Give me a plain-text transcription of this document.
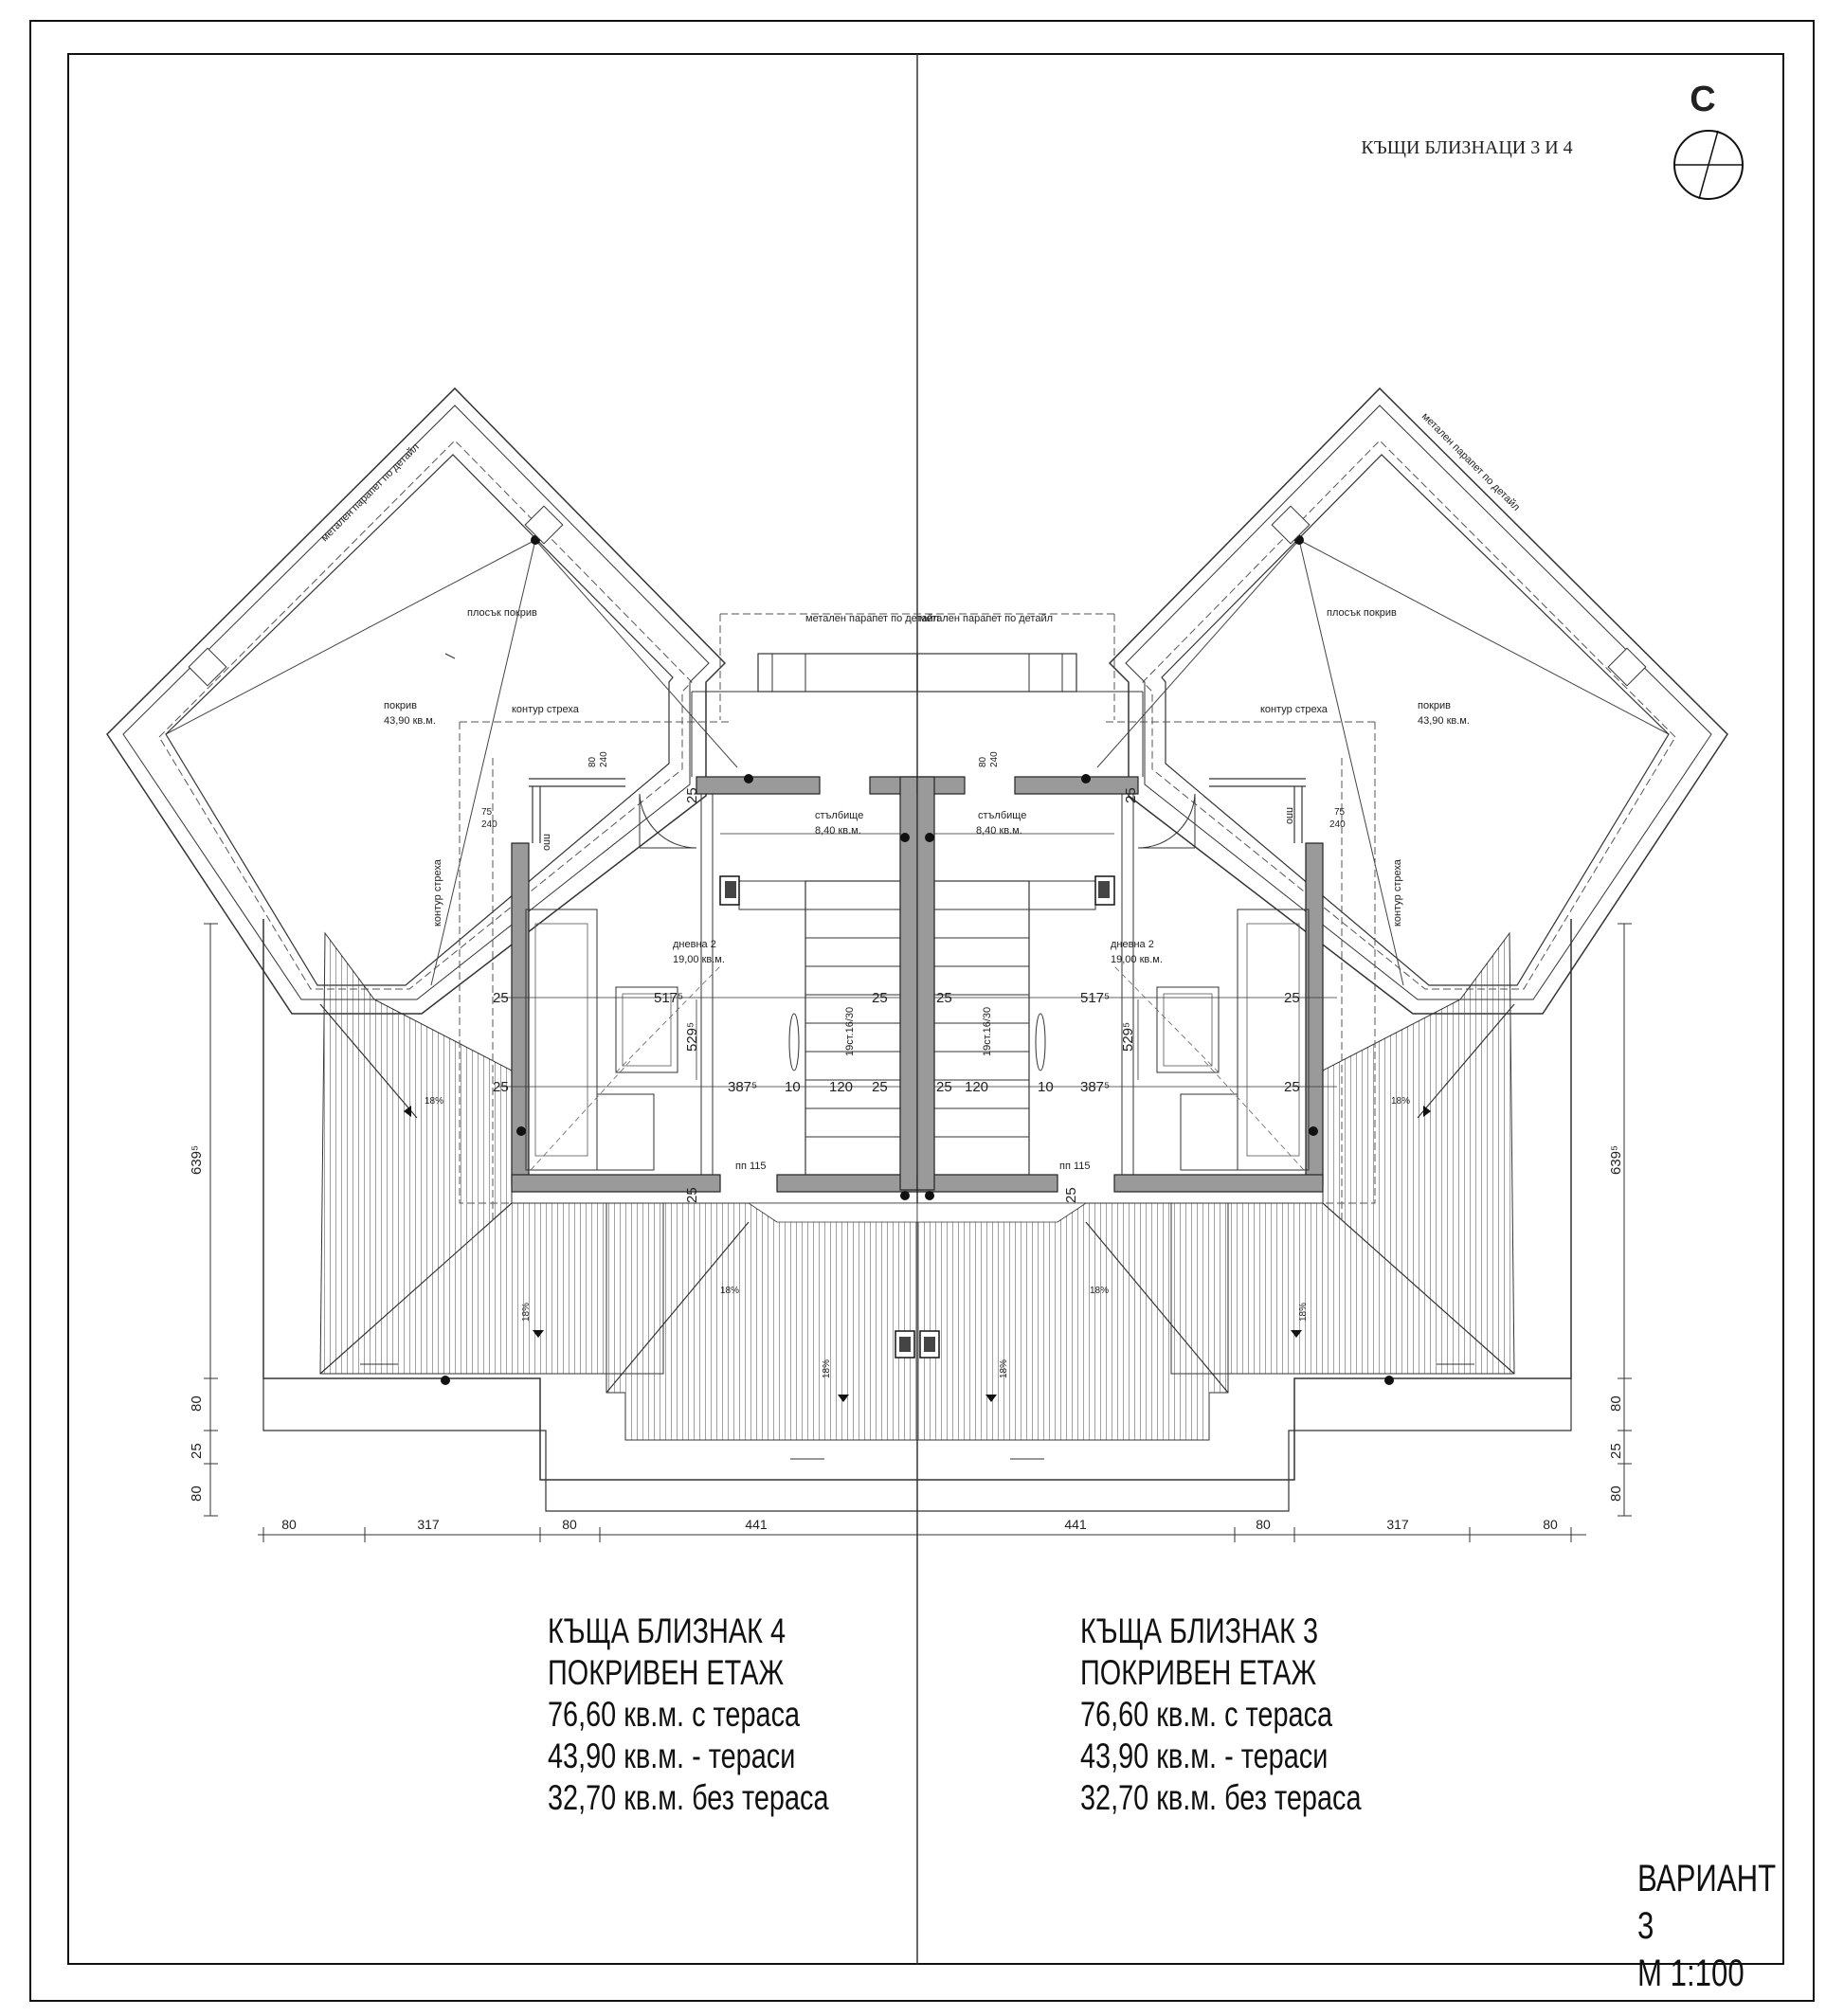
С
КЪЩИ БЛИЗНАЦИ 3 И 4
плосък покрив
покрив
43,90 кв.м.
контур стреха
контур стреха
метален парапет по детайл
метален парапет по детайл
стълбище
8,40 кв.м.
дневна 2
19,00 кв.м.
19ст.16/30
пп 115
ппо
517⁵
387⁵
529⁵
25	25
25	25
10 120
25
25
639⁵
80
25
80
80 240
75
240
18%
18%
18%
18%
плосък покрив
покрив
43,90 кв.м.
контур стреха
контур стреха
метален парапет по детайл
метален парапет по детайл
стълбище
8,40 кв.м.
дневна 2
19,00 кв.м.
19ст.16/30
пп 115
ппо
517⁵
387⁵
529⁵
25	25
25	25
10
120
25
25
639⁵
80
25
80
80 240
75
240
18%
18%
18%
18%
80	317	80	441	441	80	317	80
КЪЩА БЛИЗНАК 4
ПОКРИВЕН ЕТАЖ
76,60 кв.м. с тераса
43,90 кв.м. - тераси
32,70 кв.м. без тераса
КЪЩА БЛИЗНАК 3
ПОКРИВЕН ЕТАЖ
76,60 кв.м. с тераса
43,90 кв.м. - тераси
32,70 кв.м. без тераса
ВАРИАНТ 3
М 1:100
